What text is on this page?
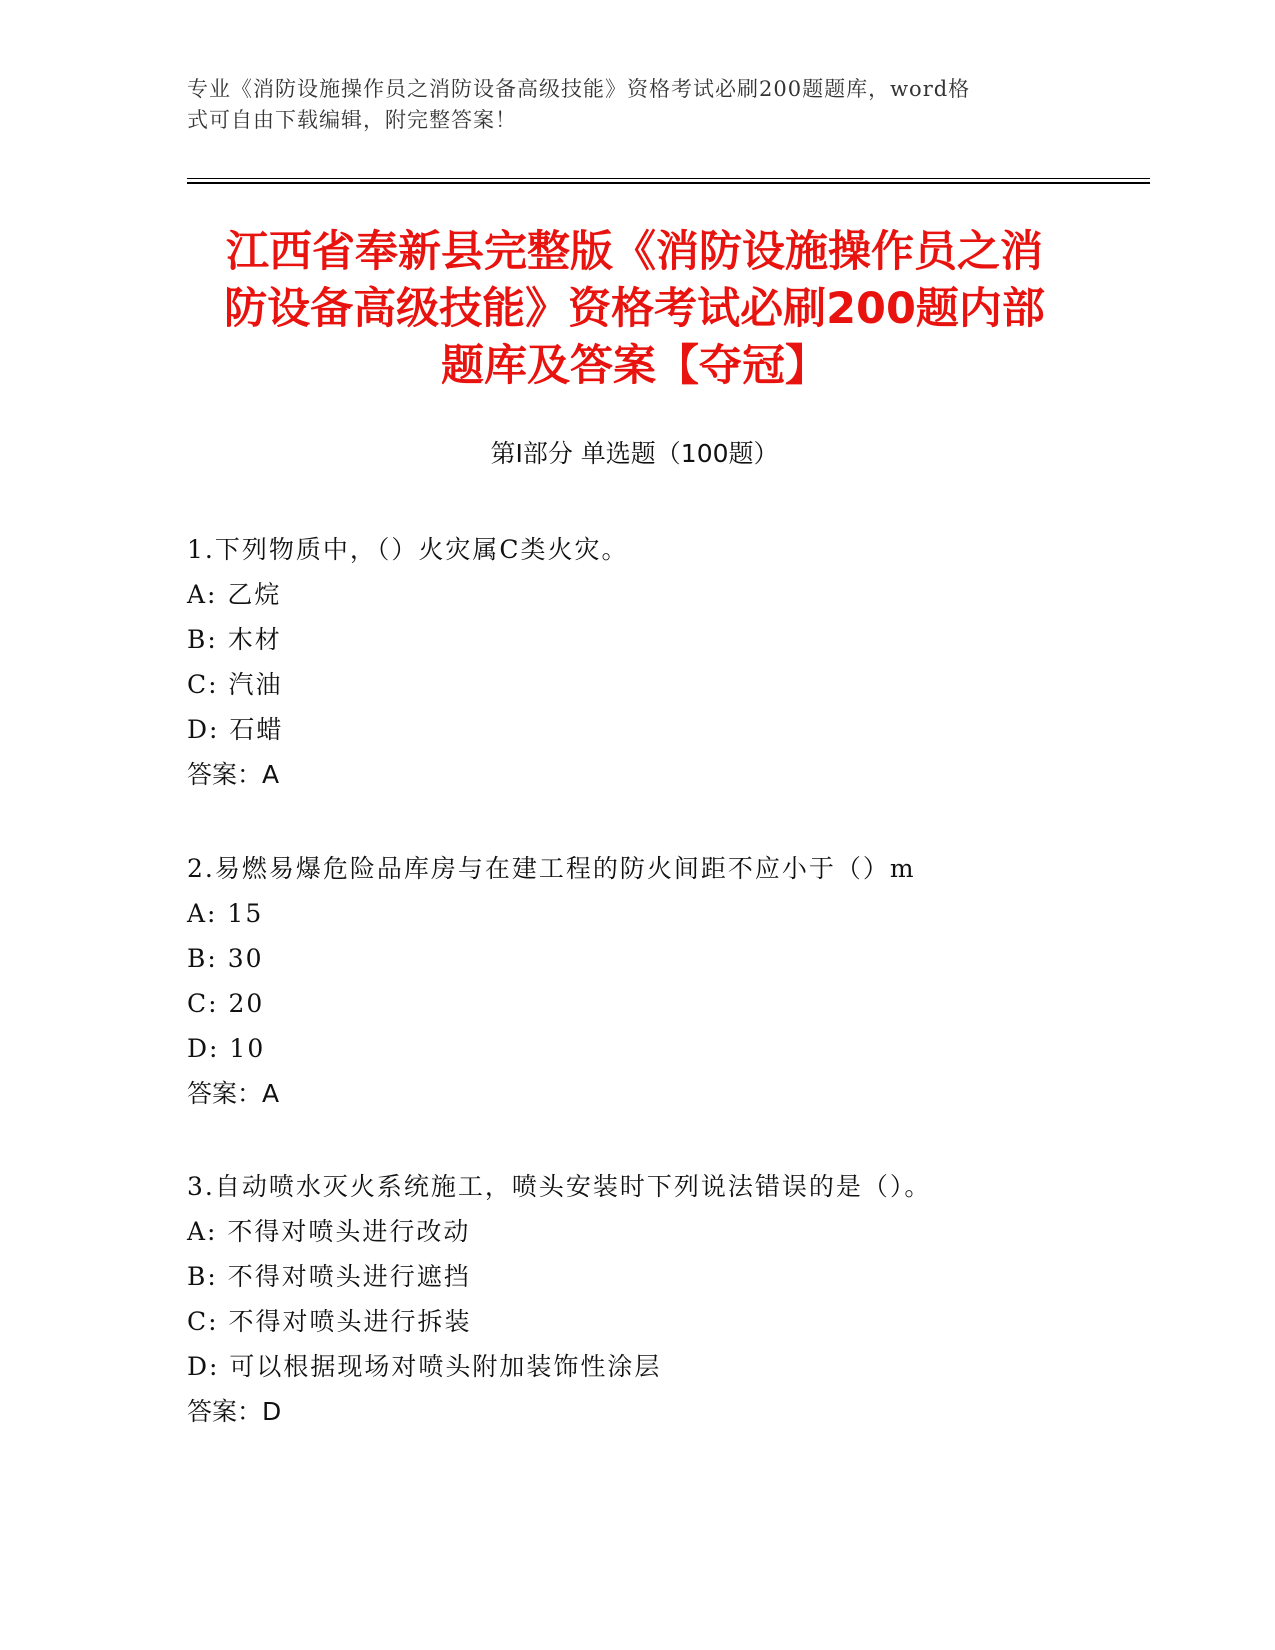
专业《消防设施操作员之消防设备高级技能》资格考试必刷200题题库，word格
式可自由下载编辑，附完整答案！
江西省奉新县完整版《消防设施操作员之消
防设备高级技能》资格考试必刷200题内部
题库及答案【夺冠】
第Ⅰ部分 单选题（100题）
1.下列物质中，（）火灾属C类火灾。
A: 乙烷
B: 木材
C: 汽油
D: 石蜡
答案：A
2.易燃易爆危险品库房与在建工程的防火间距不应小于（）m
A: 15
B: 30
C: 20
D: 10
答案：A
3.自动喷水灭火系统施工，喷头安装时下列说法错误的是（）。
A: 不得对喷头进行改动
B: 不得对喷头进行遮挡
C: 不得对喷头进行拆装
D: 可以根据现场对喷头附加装饰性涂层
答案：D
